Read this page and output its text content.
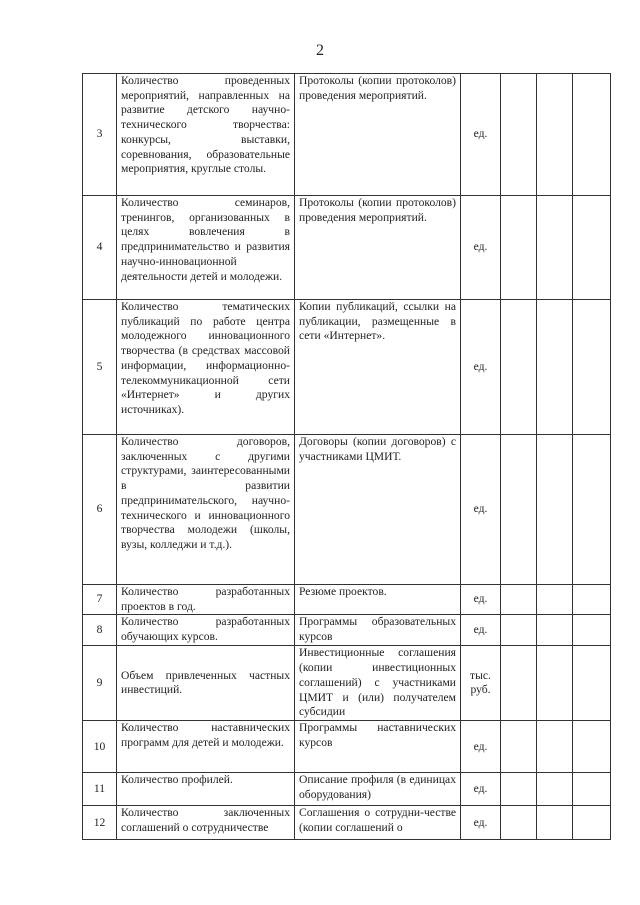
2
3	Количество проведенных мероприятий, направленных на развитие детского научно-технического творчества: конкурсы, выставки, соревнования, образовательные мероприятия, круглые столы.	Протоколы (копии протоколов) проведения мероприятий.	ед.			
4	Количество семинаров, тренингов, организованных в целях вовлечения в предпринимательство и развития научно-инновационной деятельности детей и молодежи.	Протоколы (копии протоколов) проведения мероприятий.	ед.			
5	Количество тематических публикаций по работе центра молодежного инновационного творчества (в средствах массовой информации, информационно-телекоммуникационной сети «Интернет» и других источниках).	Копии публикаций, ссылки на публикации, размещенные в сети «Интернет».	ед.			
6	Количество договоров, заключенных с другими структурами, заинтересованными в развитии предпринимательского, научно-технического и инновационного творчества молодежи (школы, вузы, колледжи и т.д.).	Договоры (копии договоров) с участниками ЦМИТ.	ед.			
7	Количество разработанных проектов в год.	Резюме проектов.	ед.			
8	Количество разработанных обучающих курсов.	Программы образовательных курсов	ед.			
9	Объем привлеченных частных инвестиций.	Инвестиционные соглашения (копии инвестиционных соглашений) с участниками ЦМИТ и (или) получателем субсидии	тыс. руб.			
10	Количество наставнических программ для детей и молодежи.	Программы наставнических курсов	ед.			
11	Количество профилей.	Описание профиля (в единицах оборудования)	ед.			
12	Количество заключенных соглашений о сотрудничестве	Соглашения о сотрудни-честве (копии соглашений о	ед.			
